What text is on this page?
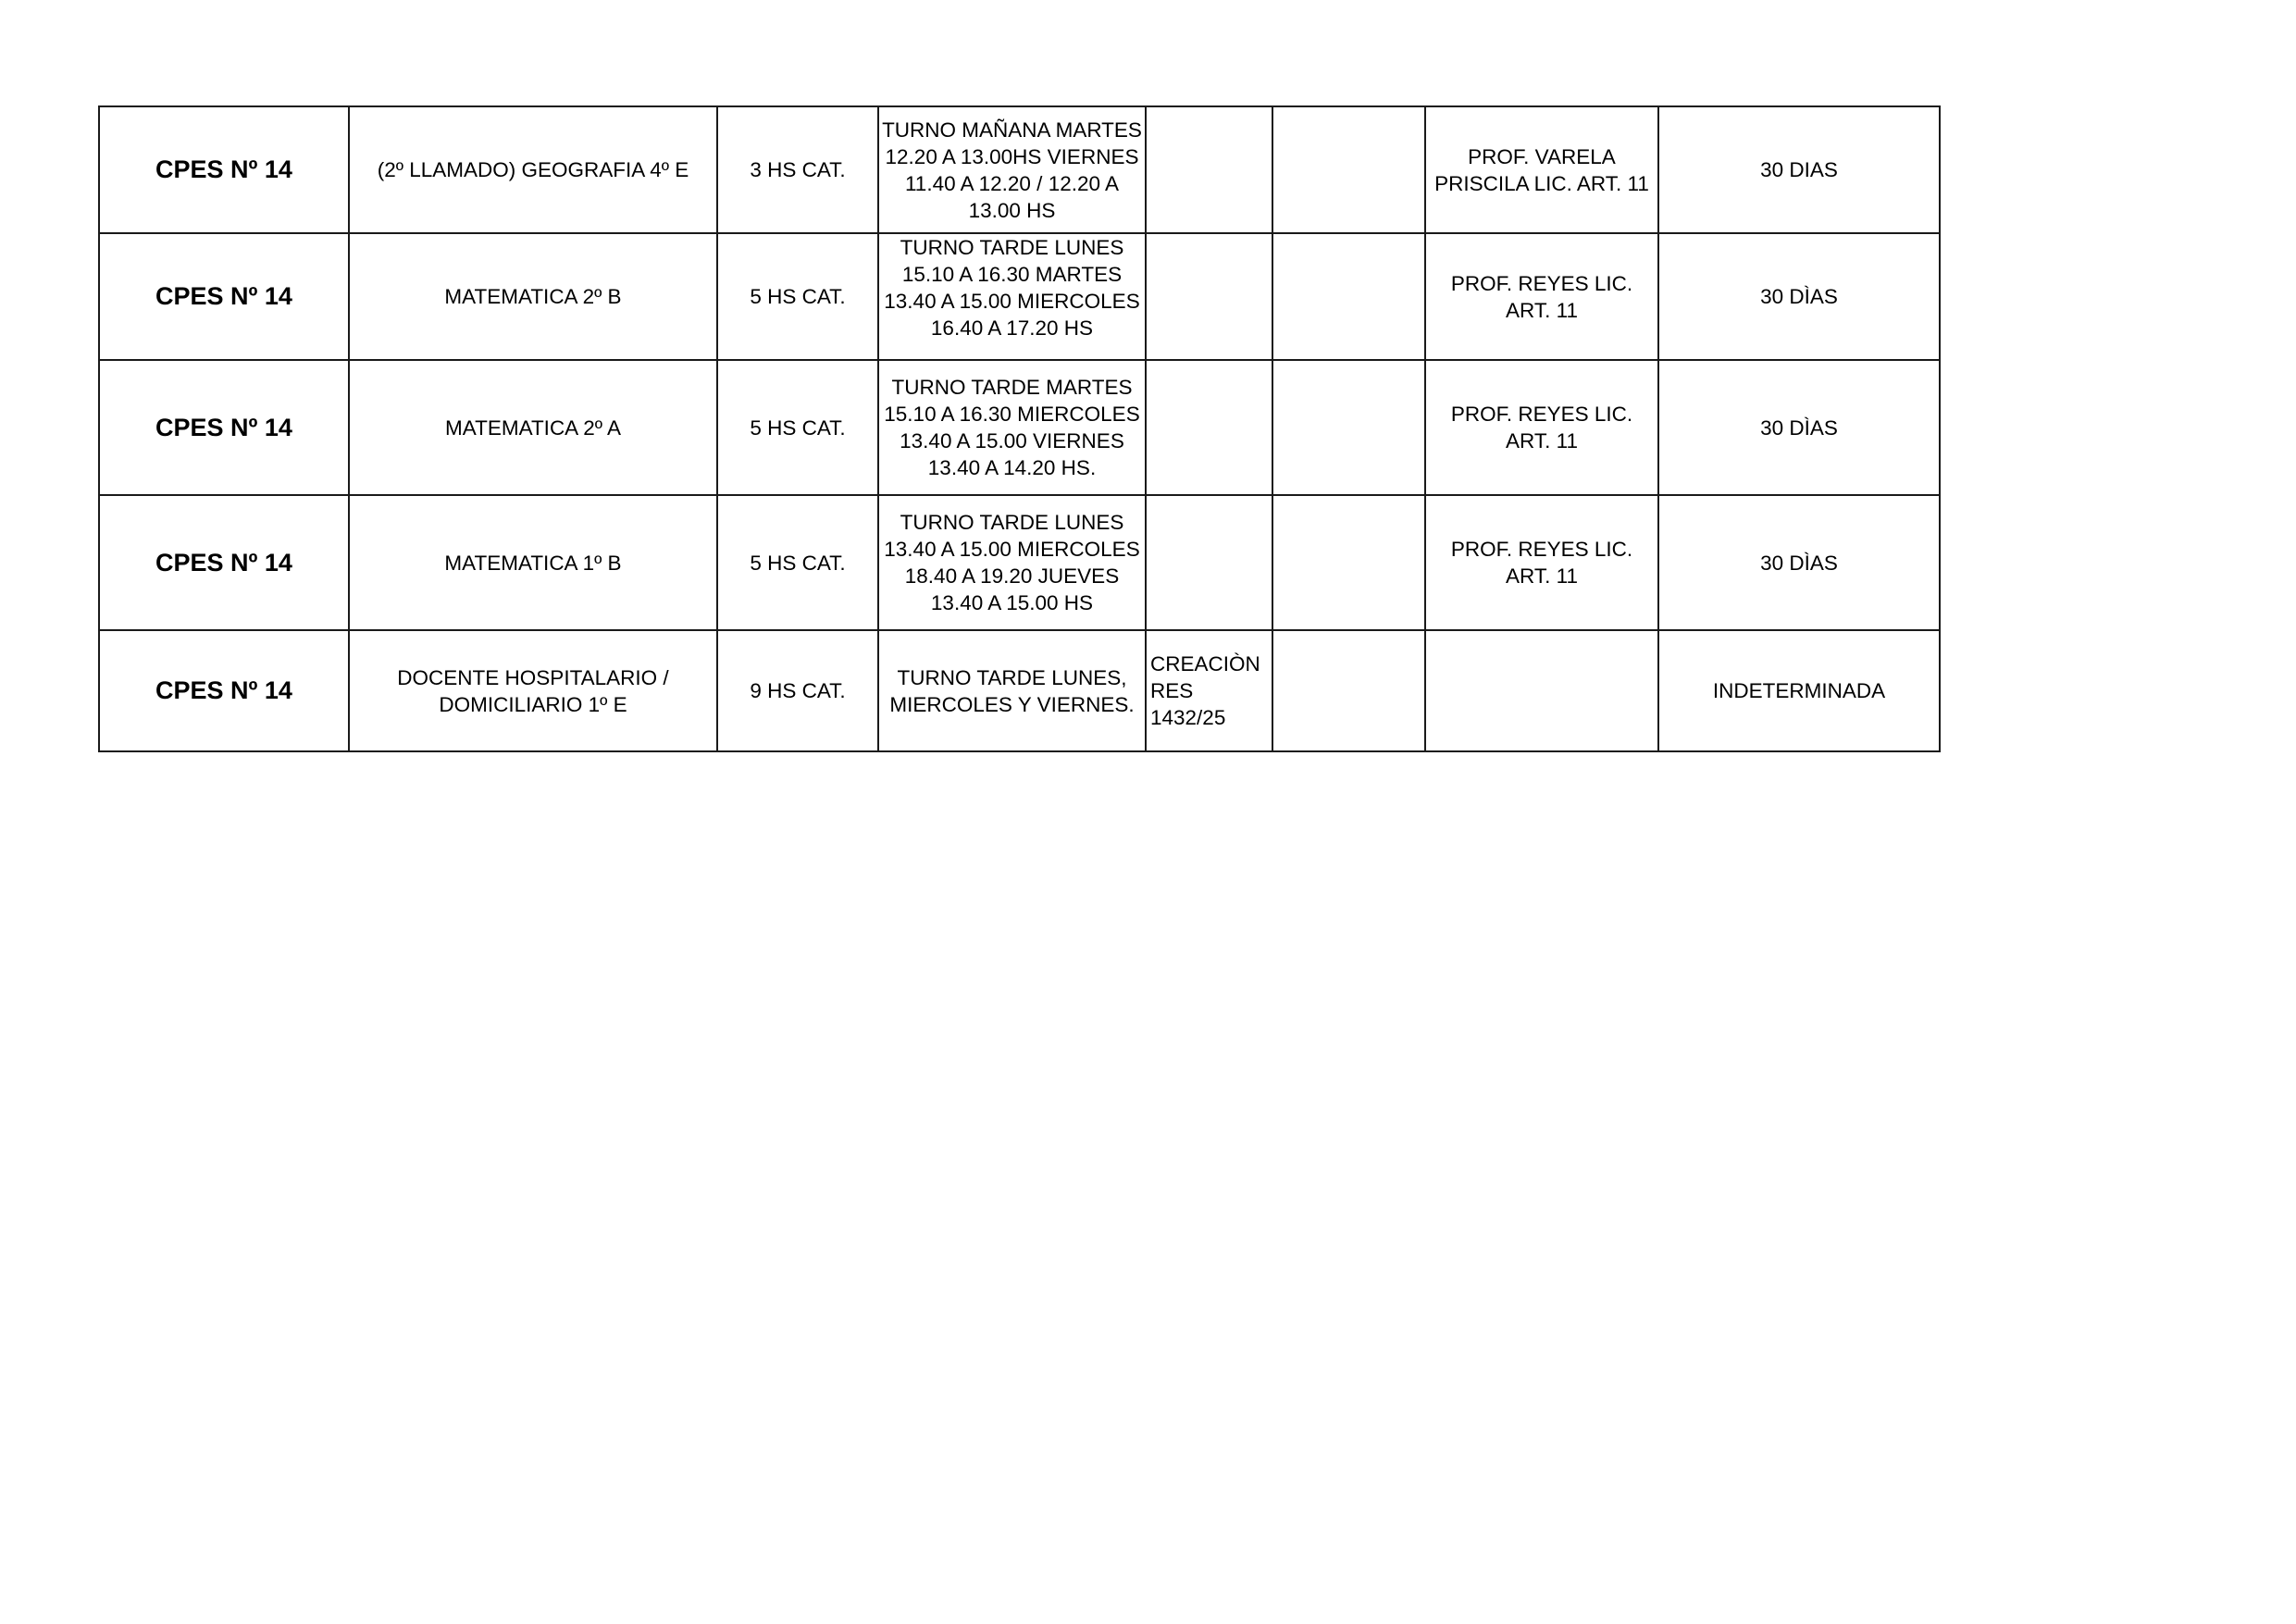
CPES Nº 14	(2º LLAMADO) GEOGRAFIA 4º E	3 HS CAT.	TURNO MAÑANA MARTES 12.20 A 13.00HS VIERNES 11.40 A 12.20 / 12.20 A 13.00 HS			PROF. VARELA PRISCILA LIC. ART. 11	30 DIAS
CPES Nº 14	MATEMATICA 2º B	5 HS CAT.	TURNO TARDE LUNES 15.10 A 16.30 MARTES 13.40 A 15.00 MIERCOLES 16.40 A 17.20 HS			PROF. REYES LIC. ART. 11	30 DÌAS
CPES Nº 14	MATEMATICA 2º A	5 HS CAT.	TURNO TARDE MARTES 15.10 A 16.30 MIERCOLES 13.40 A 15.00 VIERNES 13.40 A 14.20 HS.			PROF. REYES LIC. ART. 11	30 DÌAS
CPES Nº 14	MATEMATICA 1º B	5 HS CAT.	TURNO TARDE LUNES 13.40 A 15.00 MIERCOLES 18.40 A 19.20 JUEVES 13.40 A 15.00 HS			PROF. REYES LIC. ART. 11	30 DÌAS
CPES Nº 14	DOCENTE HOSPITALARIO / DOMICILIARIO 1º E	9 HS CAT.	TURNO TARDE LUNES, MIERCOLES Y VIERNES.	CREACIÒN RES 1432/25			INDETERMINADA
